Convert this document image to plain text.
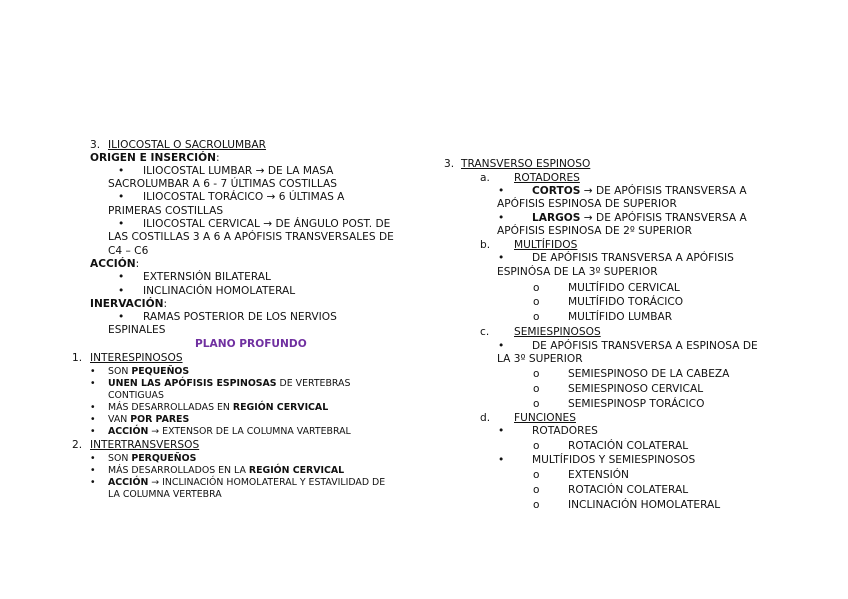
3. ILIOCOSTAL O SACROLUMBAR
ORIGEN E INSERCIÓN:
• ILIOCOSTAL LUMBAR → DE LA MASA
SACROLUMBAR A 6 - 7 ÚLTIMAS COSTILLAS
• ILIOCOSTAL TORÁCICO → 6 ÚLTIMAS A
PRIMERAS COSTILLAS
• ILIOCOSTAL CERVICAL → DE ÁNGULO POST. DE
LAS COSTILLAS 3 A 6 A APÓFISIS TRANSVERSALES DE
C4 – C6
ACCIÓN:
• EXTERNSIÓN BILATERAL
• INCLINACIÓN HOMOLATERAL
INERVACIÓN:
• RAMAS POSTERIOR DE LOS NERVIOS
ESPINALES
PLANO PROFUNDO
1. INTERESPINOSOS
• SON PEQUEÑOS
• UNEN LAS APÓFISIS ESPINOSAS DE VERTEBRAS
CONTIGUAS
• MÁS DESARROLLADAS EN REGIÓN CERVICAL
• VAN POR PARES
• ACCIÓN → EXTENSOR DE LA COLUMNA VARTEBRAL
2. INTERTRANSVERSOS
• SON PERQUEÑOS
• MÁS DESARROLLADOS EN LA REGIÓN CERVICAL
• ACCIÓN → INCLINACIÓN HOMOLATERAL Y ESTAVILIDAD DE
LA COLUMNA VERTEBRA
3. TRANSVERSO ESPINOSO
a. ROTADORES
•	CORTOS → DE APÓFISIS TRANSVERSA A
APÓFISIS ESPINOSA DE SUPERIOR
•	LARGOS → DE APÓFISIS TRANSVERSA A
APÓFISIS ESPINOSA DE 2º SUPERIOR
b. MULTÍFIDOS
•	DE APÓFISIS TRANSVERSA A APÓFISIS
ESPINÓSA DE LA 3º SUPERIOR
o	MULTÍFIDO CERVICAL
o	MULTÍFIDO TORÁCICO
o	MULTÍFIDO LUMBAR
c. SEMIESPINOSOS
•	DE APÓFISIS TRANSVERSA A ESPINOSA DE
LA 3º SUPERIOR
o	SEMIESPINOSO DE LA CABEZA
o	SEMIESPINOSO CERVICAL
o	SEMIESPINOSP TORÁCICO
d. FUNCIONES
•	ROTADORES
o	ROTACIÓN COLATERAL
•	MULTÍFIDOS Y SEMIESPINOSOS
o	EXTENSIÓN
o	ROTACIÓN COLATERAL
o	INCLINACIÓN HOMOLATERAL
